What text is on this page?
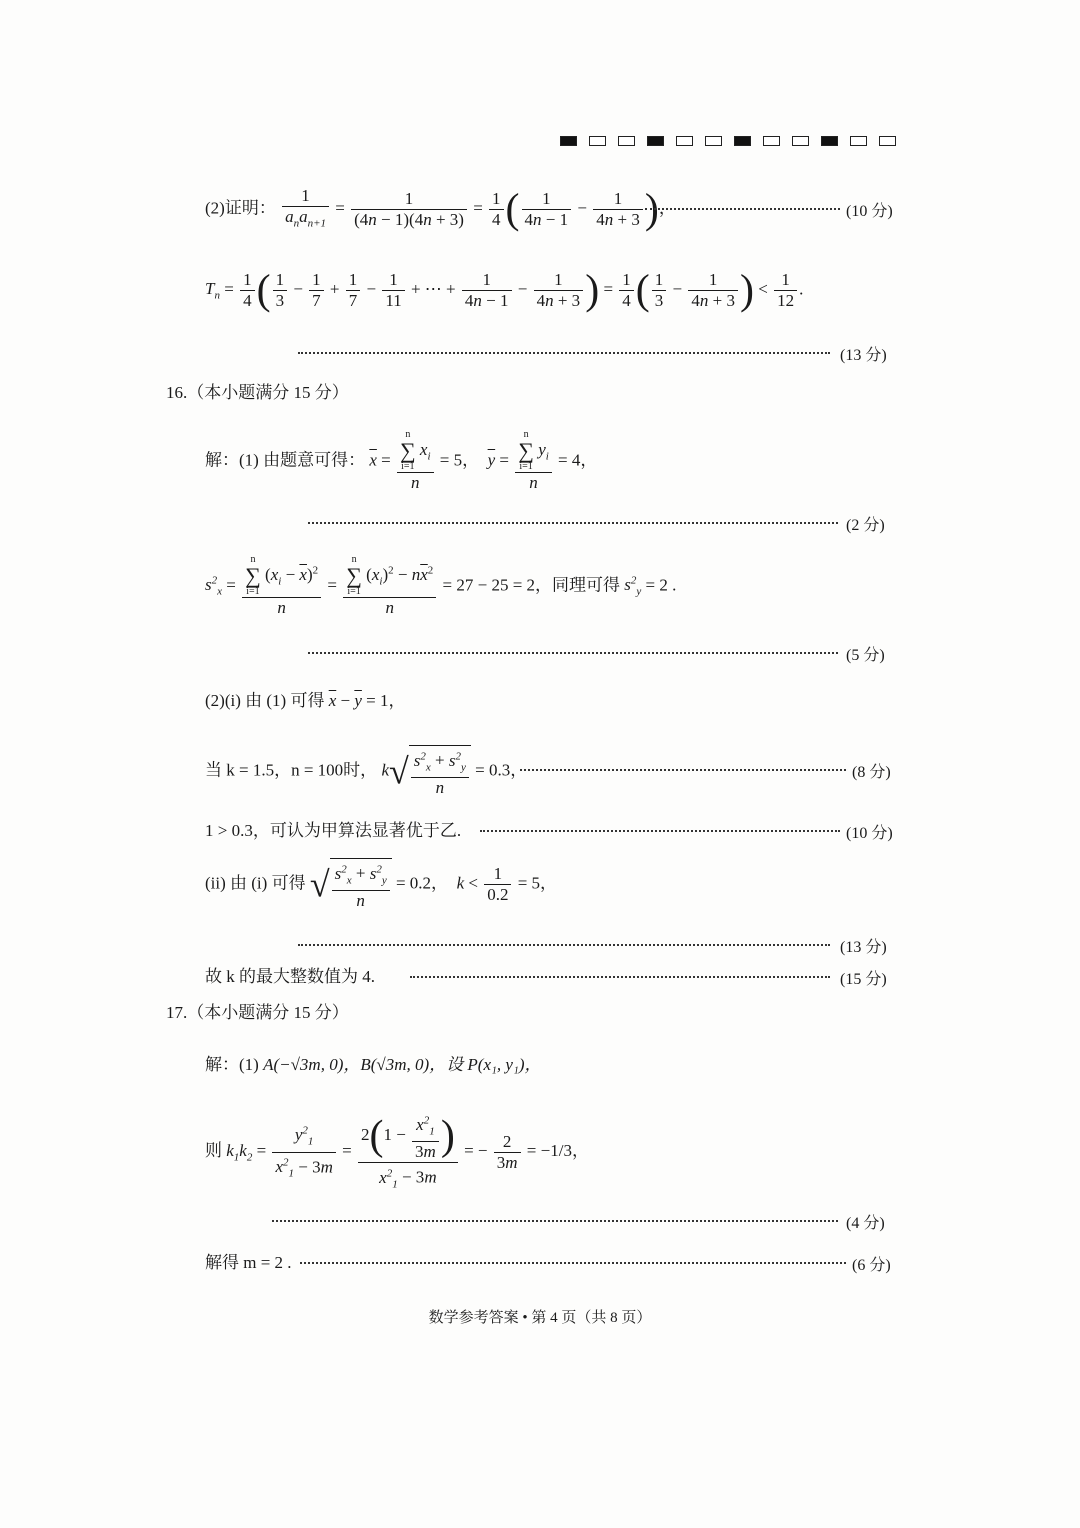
(2)证明：
1
$a_na_{n+1}$
= $\frac{1}{(4n - 1)(4n + 3)} = \frac{1}{4}$ ( $\frac{1}{4n - 1} - \frac{1}{4n + 3}$ )，	(10 分)
$T_n = \frac{1}{4}$ ( $\frac{1}{3} - \frac{1}{7} + \frac{1}{7} - \frac{1}{11}$ + ⋯ + $\frac{1}{4n - 1} - \frac{1}{4n + 3}$ ) = $\frac{1}{4}$ ( $\frac{1}{3} - \frac{1}{4n + 3}$ ) < $\frac{1}{12}$ .
(13 分)
16.（本小题满分 15 分）
解：(1) 由题意可得： $\overline{x} = n$
∑
i=1 $x_i$
n = 5， $\overline{y} = n$
∑
i=1 $y_i$
n = 4，
(2 分)
$s^2_x = n$
∑
i=1 $(x_i - \overline{x})^2$
n = n
∑
i=1 $(x_i)^2 - n\overline{x}^2$
n = 27 − 25 = 2，同理可得 $s^2_y = 2$ .
(5 分)
(2)(i) 由 (1) 可得 $\overline{x} - \overline{y} = 1$，
当 k = 1.5，n = 100时， $k√ \frac{s^2_x + s^2_y}{n} = 0.3$，	(8 分)
1 > 0.3，可认为甲算法显著优于乙.	(10 分)
(ii) 由 (i) 可得 √ $\frac{s^2_x + s^2_y}{n} = 0.2$， $k < \frac{1}{0.2} = 5$，
(13 分)
故 k 的最大整数值为 4.	(15 分)
17.（本小题满分 15 分）
解：(1) A(−√3m, 0)，B(√3m, 0)，设 P(x₁, y₁)，
则 $k_1k_2 = \frac{y^2_1}{x^2_1 - 3m} = \frac{2(1 - \frac{x^2_1}{3m} )}{x^2_1 - 3m}$ = − $\frac{2}{3m} = -1/3$，
(4 分)
解得 m = 2 .	(6 分)
数学参考答案 • 第 4 页（共 8 页）
